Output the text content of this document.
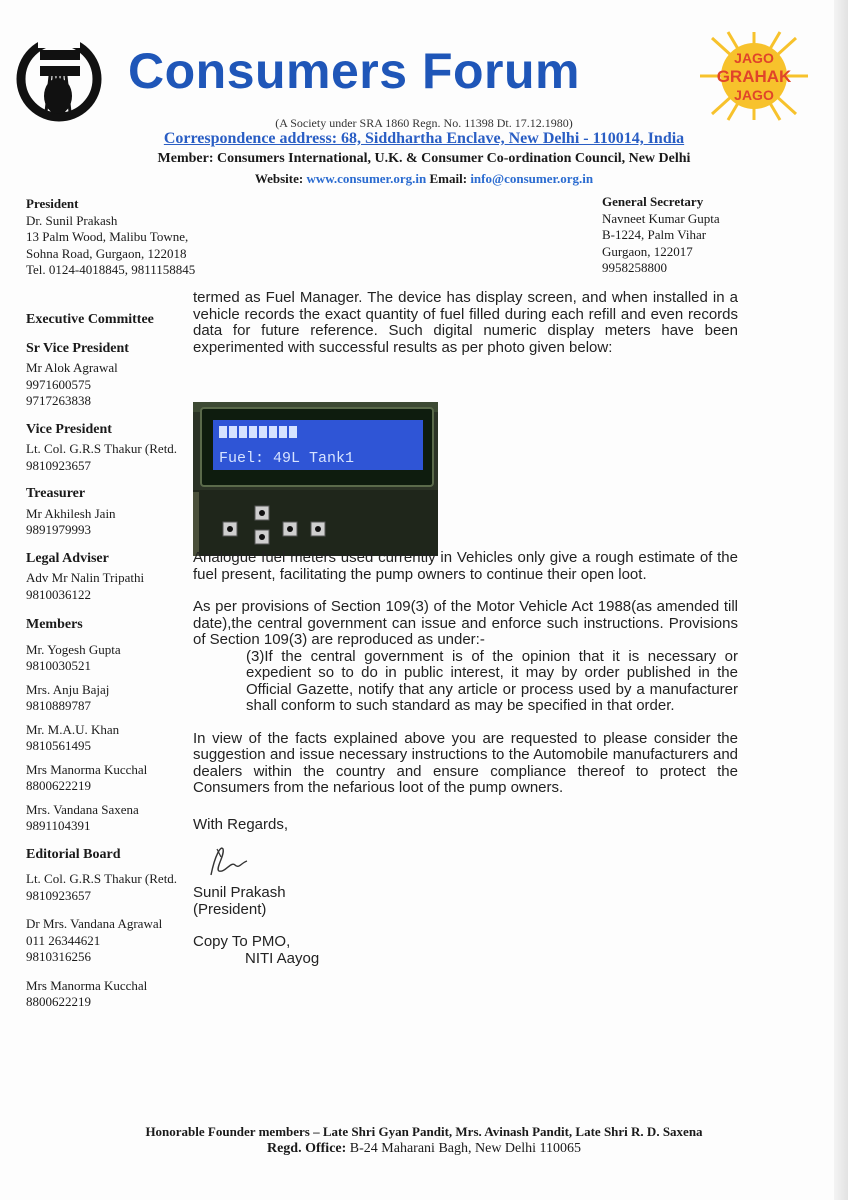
Consumers Forum	JAGO
GRAHAK
JAGO
(A Society under SRA 1860 Regn. No. 11398 Dt. 17.12.1980)
Correspondence address: 68, Siddhartha Enclave, New Delhi - 110014, India
Member: Consumers International, U.K. & Consumer Co-ordination Council, New Delhi
Website: www.consumer.org.in Email: info@consumer.org.in
President
Dr. Sunil Prakash
13 Palm Wood, Malibu Towne,
Sohna Road, Gurgaon, 122018
Tel. 0124-4018845, 9811158845
General Secretary
Navneet Kumar Gupta
B-1224, Palm Vihar
Gurgaon, 122017
9958258800
Executive Committee
Sr Vice President
Mr Alok Agrawal
9971600575
9717263838
Vice President
Lt. Col. G.R.S Thakur (Retd.
9810923657
Treasurer
Mr Akhilesh Jain
9891979993
Legal Adviser
Adv Mr Nalin Tripathi
9810036122
Members
Mr. Yogesh Gupta
9810030521
Mrs. Anju Bajaj
9810889787
Mr. M.A.U. Khan
9810561495
Mrs Manorma Kucchal
8800622219
Mrs. Vandana Saxena
9891104391
Editorial Board
Lt. Col. G.R.S Thakur (Retd.
9810923657
Dr Mrs. Vandana Agrawal
011 26344621
9810316256
Mrs Manorma Kucchal
8800622219
Fuel: 49L Tank1

termed as Fuel Manager. The device has display screen, and when installed in a vehicle records the exact quantity of fuel filled during each refill and even records data for future reference. Such digital numeric display meters have been experimented with successful results as per photo given below:

Analogue fuel meters used currently in Vehicles only give a rough estimate of the fuel present, facilitating the pump owners to continue their open loot.

As per provisions of Section 109(3) of the Motor Vehicle Act 1988(as amended till date),the central government can issue and enforce such instructions. Provisions of Section 109(3) are reproduced as under:-

(3)If the central government is of the opinion that it is necessary or expedient so to do in public interest, it may by order published in the Official Gazette, notify that any article or process used by a manufacturer shall conform to such standard as may be specified in that order.

In view of the facts explained above you are requested to please consider the suggestion and issue necessary instructions to the Automobile manufacturers and dealers within the country and ensure compliance thereof to protect the Consumers from the nefarious loot of the pump owners.

With Regards,

Sunil Prakash

(President)

Copy To PMO,

NITI Aayog

Honorable Founder members – Late Shri Gyan Pandit, Mrs. Avinash Pandit, Late Shri R. D. Saxena
Regd. Office: B-24 Maharani Bagh, New Delhi 110065
